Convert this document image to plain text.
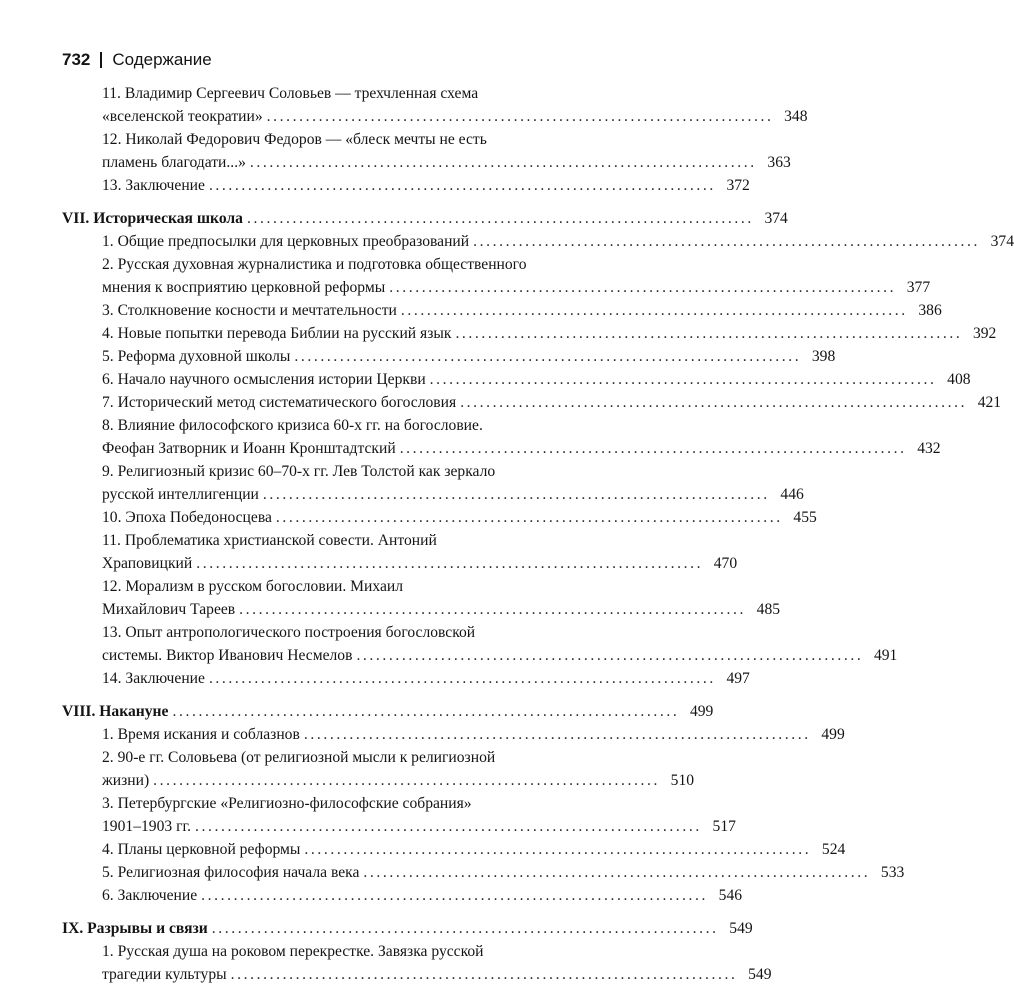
732 Содержание
11. Владимир Сергеевич Соловьев — трехчленная схема
«вселенской теократии» .............................................................................. 348
12. Николай Федорович Федоров — «блеск мечты не есть
пламень благодати...» .............................................................................. 363
13. Заключение .............................................................................. 372
VII. Историческая школа .............................................................................. 374
1. Общие предпосылки для церковных преобразований .............................................................................. 374
2. Русская духовная журналистика и подготовка общественного
мнения к восприятию церковной реформы .............................................................................. 377
3. Столкновение косности и мечтательности .............................................................................. 386
4. Новые попытки перевода Библии на русский язык .............................................................................. 392
5. Реформа духовной школы .............................................................................. 398
6. Начало научного осмысления истории Церкви .............................................................................. 408
7. Исторический метод систематического богословия .............................................................................. 421
8. Влияние философского кризиса 60-х гг. на богословие.
Феофан Затворник и Иоанн Кронштадтский .............................................................................. 432
9. Религиозный кризис 60–70-х гг. Лев Толстой как зеркало
русской интеллигенции .............................................................................. 446
10. Эпоха Победоносцева .............................................................................. 455
11. Проблематика христианской совести. Антоний
Храповицкий .............................................................................. 470
12. Морализм в русском богословии. Михаил
Михайлович Тареев .............................................................................. 485
13. Опыт антропологического построения богословской
системы. Виктор Иванович Несмелов .............................................................................. 491
14. Заключение .............................................................................. 497
VIII. Накануне .............................................................................. 499
1. Время искания и соблазнов .............................................................................. 499
2. 90-е гг. Соловьева (от религиозной мысли к религиозной
жизни) .............................................................................. 510
3. Петербургские «Религиозно-философские собрания»
1901–1903 гг. .............................................................................. 517
4. Планы церковной реформы .............................................................................. 524
5. Религиозная философия начала века .............................................................................. 533
6. Заключение .............................................................................. 546
IX. Разрывы и связи .............................................................................. 549
1. Русская душа на роковом перекрестке. Завязка русской
трагедии культуры .............................................................................. 549
